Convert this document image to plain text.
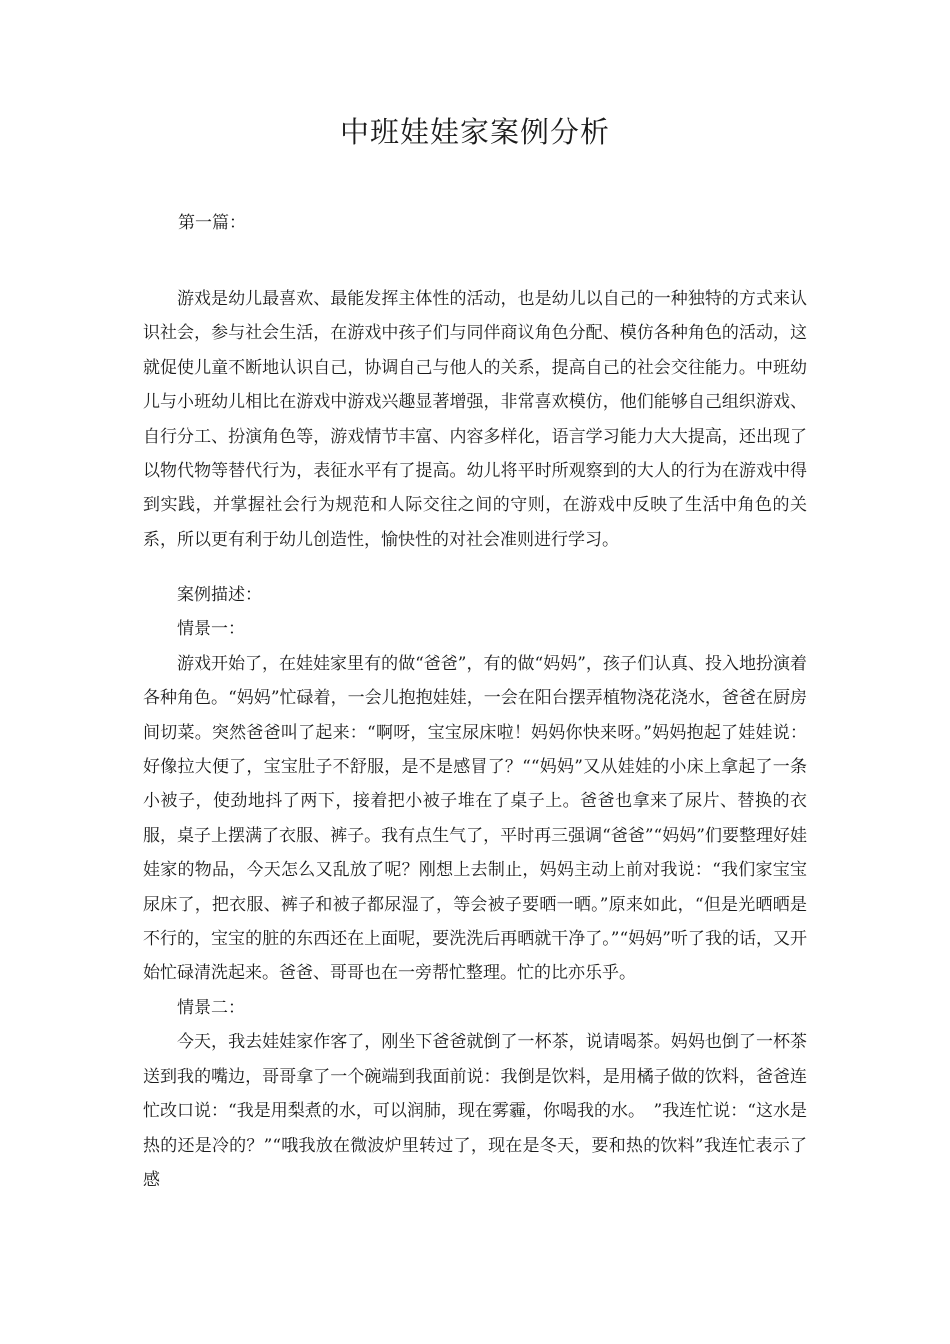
中班娃娃家案例分析

第一篇：

游戏是幼儿最喜欢、最能发挥主体性的活动，也是幼儿以自己的一种独特的方式来认识社会，参与社会生活，在游戏中孩子们与同伴商议角色分配、模仿各种角色的活动，这就促使儿童不断地认识自己，协调自己与他人的关系，提高自己的社会交往能力。中班幼儿与小班幼儿相比在游戏中游戏兴趣显著增强，非常喜欢模仿，他们能够自己组织游戏、自行分工、扮演角色等，游戏情节丰富、内容多样化，语言学习能力大大提高，还出现了以物代物等替代行为，表征水平有了提高。幼儿将平时所观察到的大人的行为在游戏中得到实践，并掌握社会行为规范和人际交往之间的守则，在游戏中反映了生活中角色的关系，所以更有利于幼儿创造性，愉快性的对社会准则进行学习。

案例描述：

情景一：

游戏开始了，在娃娃家里有的做“爸爸”，有的做“妈妈”，孩子们认真、投入地扮演着各种角色。“妈妈”忙碌着，一会儿抱抱娃娃，一会在阳台摆弄植物浇花浇水，爸爸在厨房间切菜。突然爸爸叫了起来：“啊呀，宝宝尿床啦！妈妈你快来呀。”妈妈抱起了娃娃说：好像拉大便了，宝宝肚子不舒服，是不是感冒了？““妈妈”又从娃娃的小床上拿起了一条小被子，使劲地抖了两下，接着把小被子堆在了桌子上。爸爸也拿来了尿片、替换的衣服，桌子上摆满了衣服、裤子。我有点生气了，平时再三强调“爸爸”“妈妈”们要整理好娃娃家的物品，今天怎么又乱放了呢？刚想上去制止，妈妈主动上前对我说：“我们家宝宝尿床了，把衣服、裤子和被子都尿湿了，等会被子要晒一晒。”原来如此，“但是光晒晒是不行的，宝宝的脏的东西还在上面呢，要洗洗后再晒就干净了。”“妈妈”听了我的话，又开始忙碌清洗起来。爸爸、哥哥也在一旁帮忙整理。忙的比亦乐乎。

情景二：

今天，我去娃娃家作客了，刚坐下爸爸就倒了一杯茶，说请喝茶。妈妈也倒了一杯茶送到我的嘴边，哥哥拿了一个碗端到我面前说：我倒是饮料，是用橘子做的饮料，爸爸连忙改口说：“我是用梨煮的水，可以润肺，现在雾霾，你喝我的水。　”我连忙说：“这水是热的还是冷的？”“哦我放在微波炉里转过了，现在是冬天，要和热的饮料”我连忙表示了感
